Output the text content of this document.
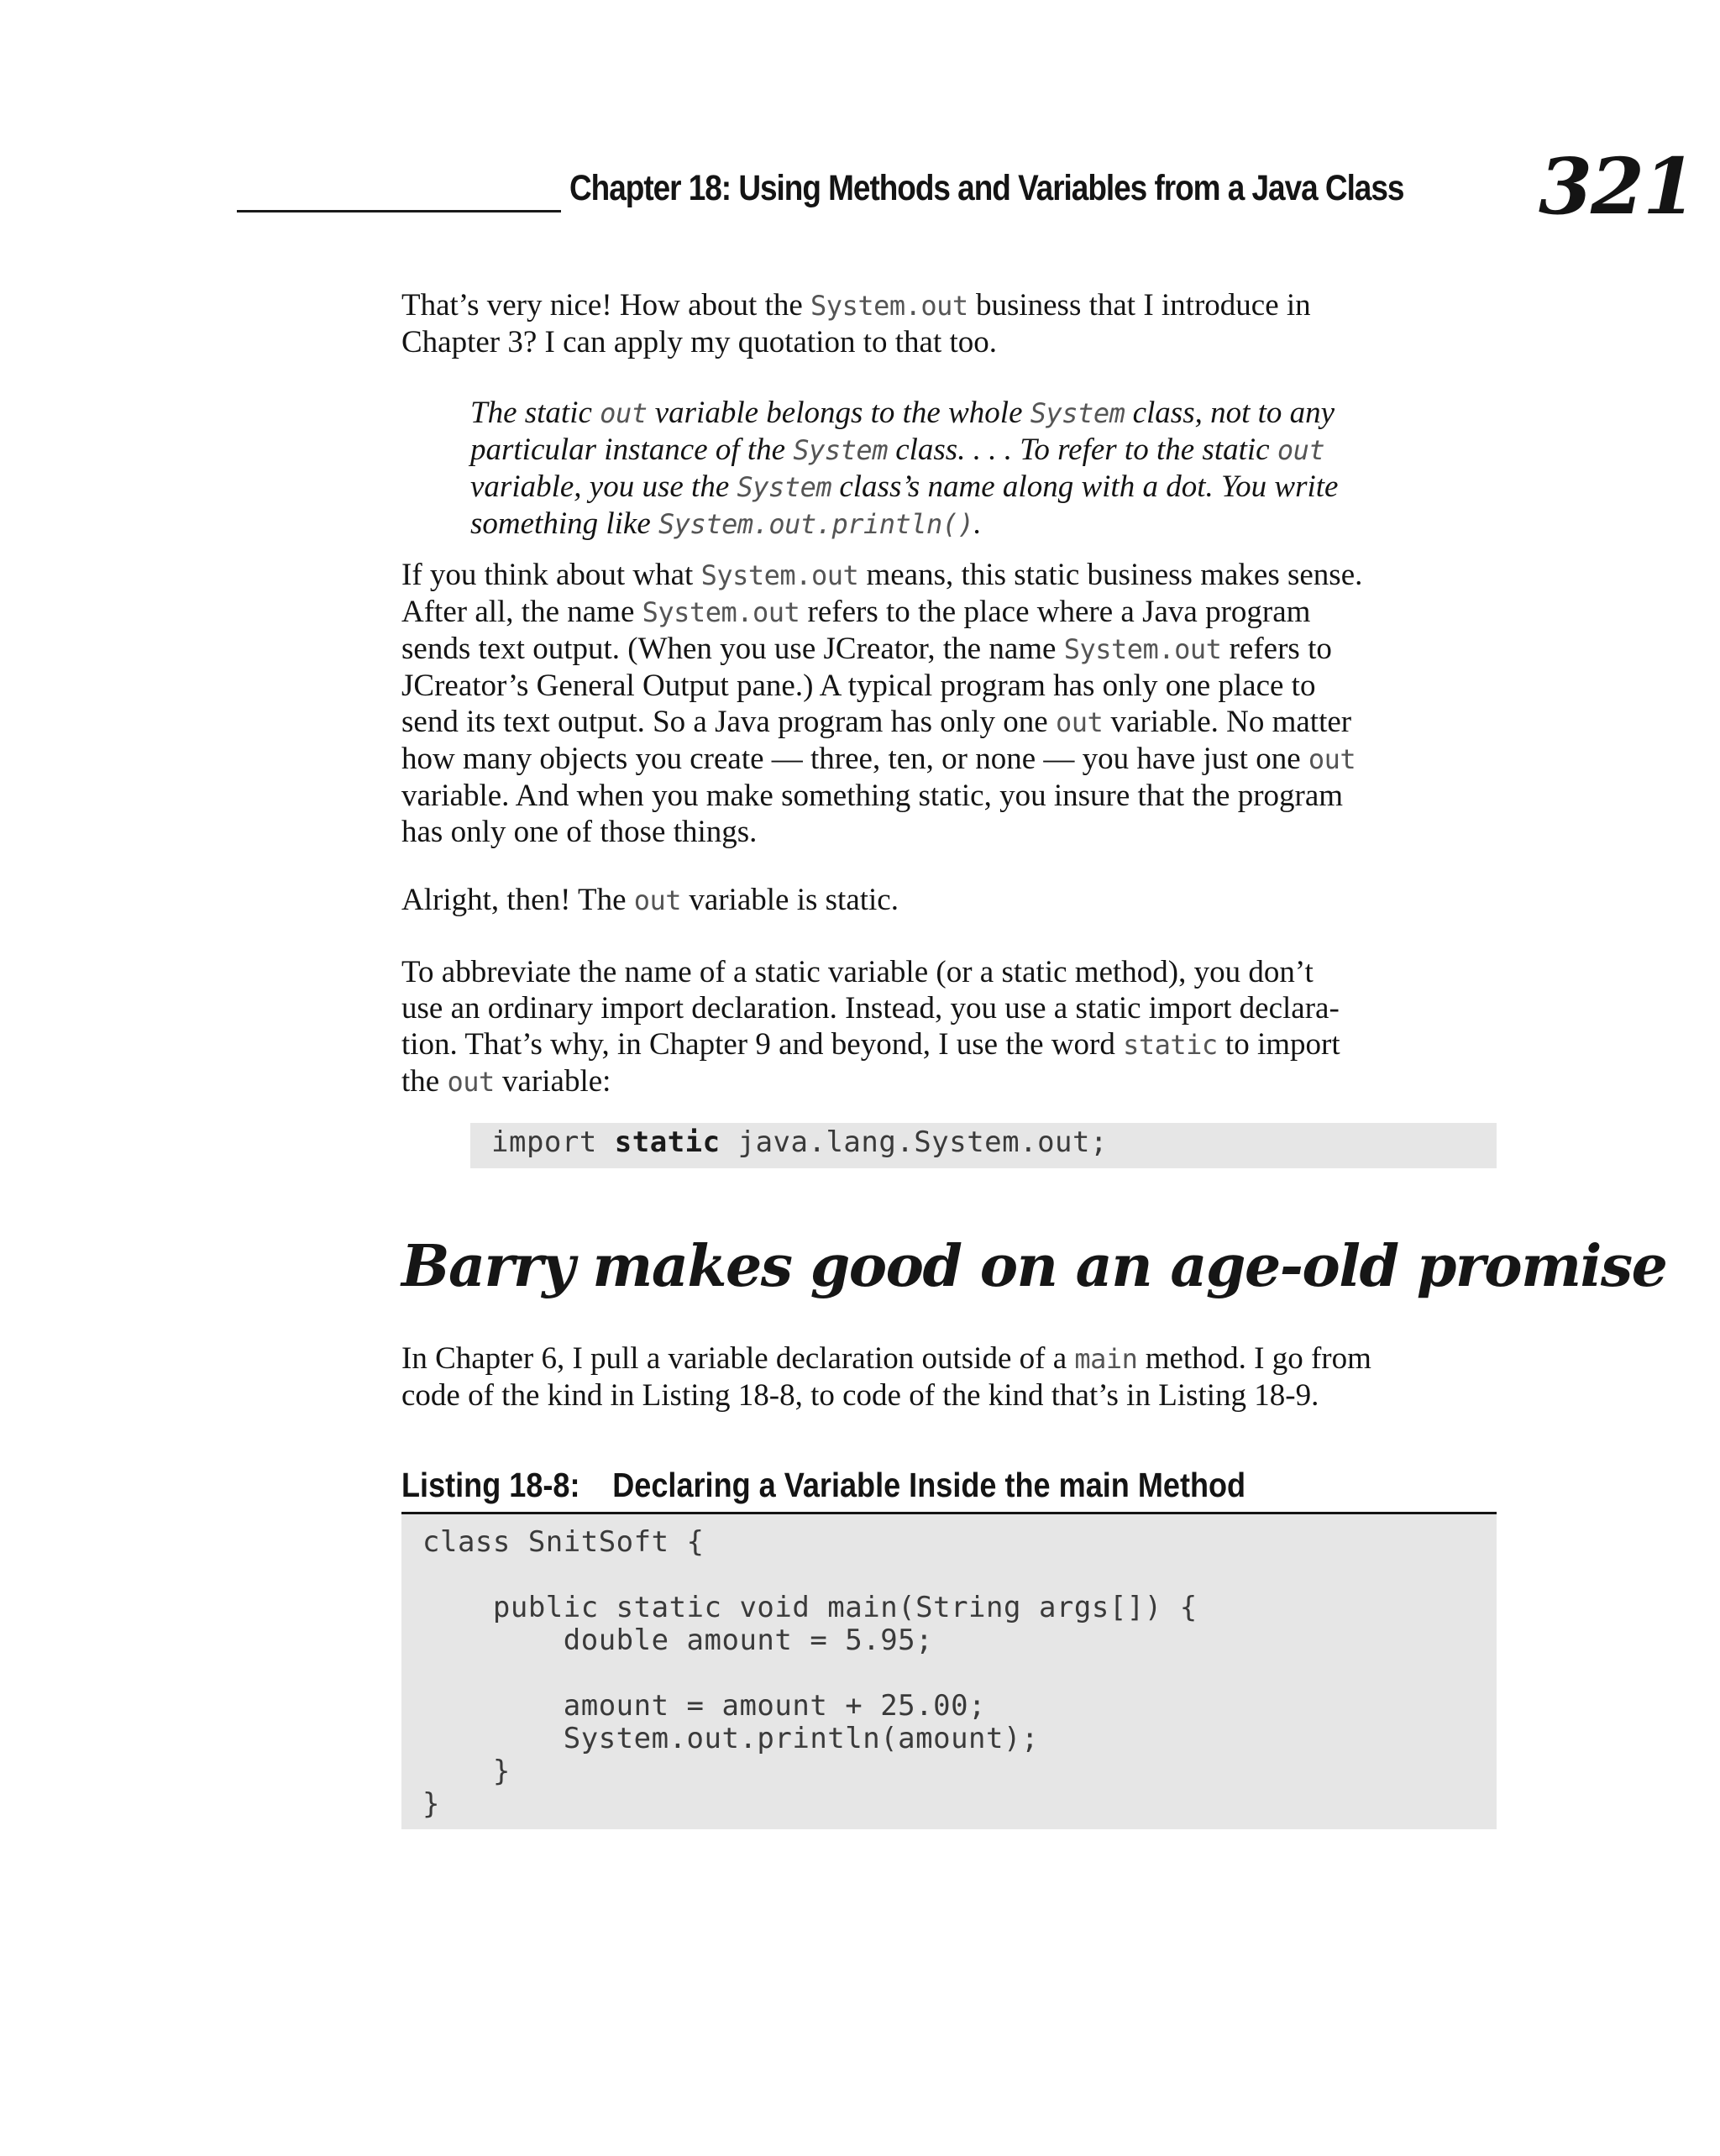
Chapter 18: Using Methods and Variables from a Java Class 321
That’s very nice! How about the System.out business that I introduce in
Chapter 3? I can apply my quotation to that too.
The static out variable belongs to the whole System class, not to any
particular instance of the System class. . . . To refer to the static out
variable, you use the System class’s name along with a dot. You write
something like System.out.println().
If you think about what System.out means, this static business makes sense.
After all, the name System.out refers to the place where a Java program
sends text output. (When you use JCreator, the name System.out refers to
JCreator’s General Output pane.) A typical program has only one place to
send its text output. So a Java program has only one out variable. No matter
how many objects you create — three, ten, or none — you have just one out
variable. And when you make something static, you insure that the program
has only one of those things.
Alright, then! The out variable is static.
To abbreviate the name of a static variable (or a static method), you don’t
use an ordinary import declaration. Instead, you use a static import declara-
tion. That’s why, in Chapter 9 and beyond, I use the word static to import
the out variable:
import static java.lang.System.out;
Barry makes good on an age-old promise
In Chapter 6, I pull a variable declaration outside of a main method. I go from
code of the kind in Listing 18-8, to code of the kind that’s in Listing 18-9.
Listing 18-8: Declaring a Variable Inside the main Method
class SnitSoft {

public static void main(String args[]) {
double amount = 5.95;

amount = amount + 25.00;
System.out.println(amount);
}
}
